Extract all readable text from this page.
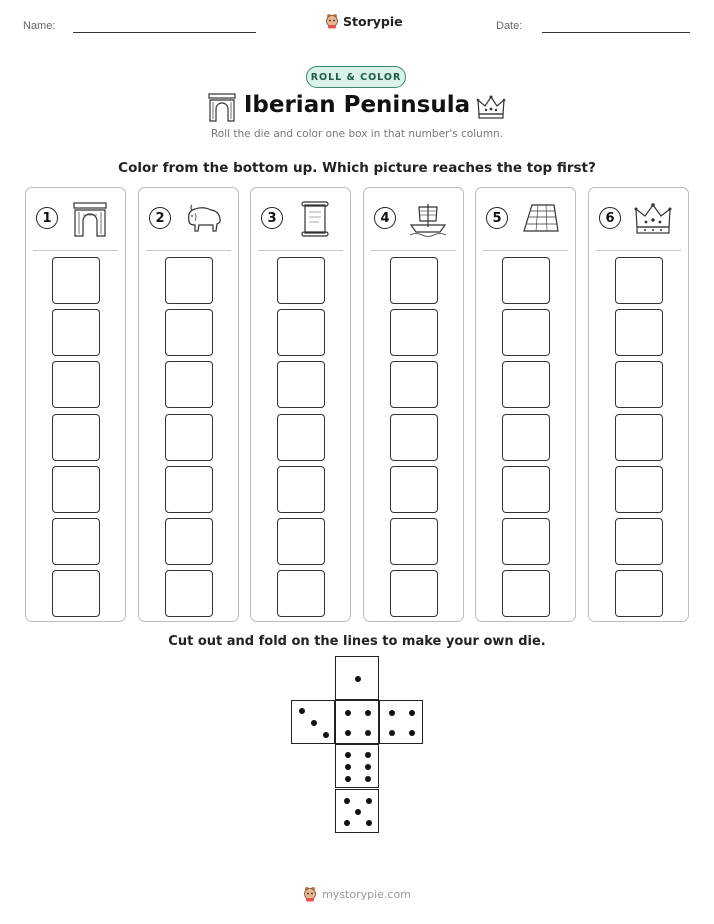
Name:	Storypie	Date:
ROLL & COLOR
Iberian Peninsula
Roll the die and color one box in that number's column.
Color from the bottom up. Which picture reaches the top first?
1	2	3	4	5	6
Cut out and fold on the lines to make your own die.
mystorypie.com
